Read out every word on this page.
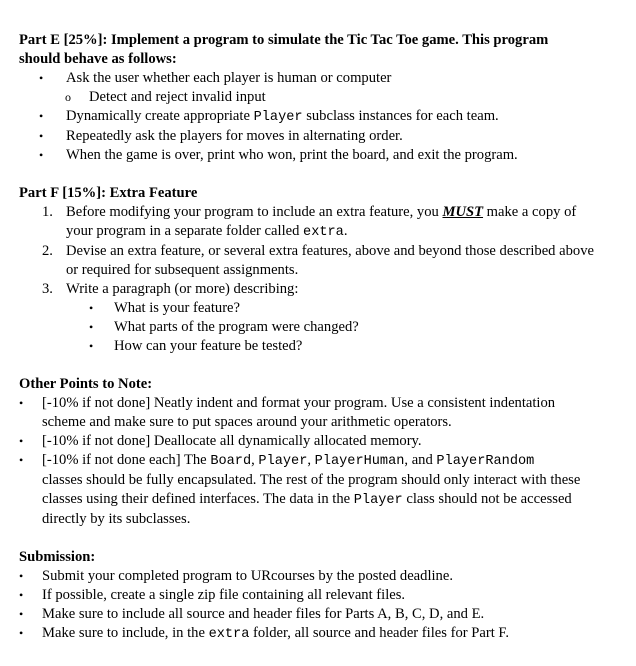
Part E [25%]: Implement a program to simulate the Tic Tac Toe game. This program
should behave as follows:
•
Ask the user whether each player is human or computer
o
Detect and reject invalid input
•
Dynamically create appropriate Player subclass instances for each team.
•
Repeatedly ask the players for moves in alternating order.
•
When the game is over, print who won, print the board, and exit the program.
Part F [15%]: Extra Feature
1. Before modifying your program to include an extra feature, you MUST make a copy of
your program in a separate folder called extra.
2. Devise an extra feature, or several extra features, above and beyond those described above
or required for subsequent assignments.
3. Write a paragraph (or more) describing:
•
What is your feature?
•
What parts of the program were changed?
•
How can your feature be tested?
Other Points to Note:
•
[-10% if not done] Neatly indent and format your program. Use a consistent indentation
scheme and make sure to put spaces around your arithmetic operators.
•
[-10% if not done] Deallocate all dynamically allocated memory.
•
[-10% if not done each] The Board, Player, PlayerHuman, and PlayerRandom
classes should be fully encapsulated. The rest of the program should only interact with these
classes using their defined interfaces. The data in the Player class should not be accessed
directly by its subclasses.
Submission:
•
Submit your completed program to URcourses by the posted deadline.
•
If possible, create a single zip file containing all relevant files.
•
Make sure to include all source and header files for Parts A, B, C, D, and E.
•
Make sure to include, in the extra folder, all source and header files for Part F.
